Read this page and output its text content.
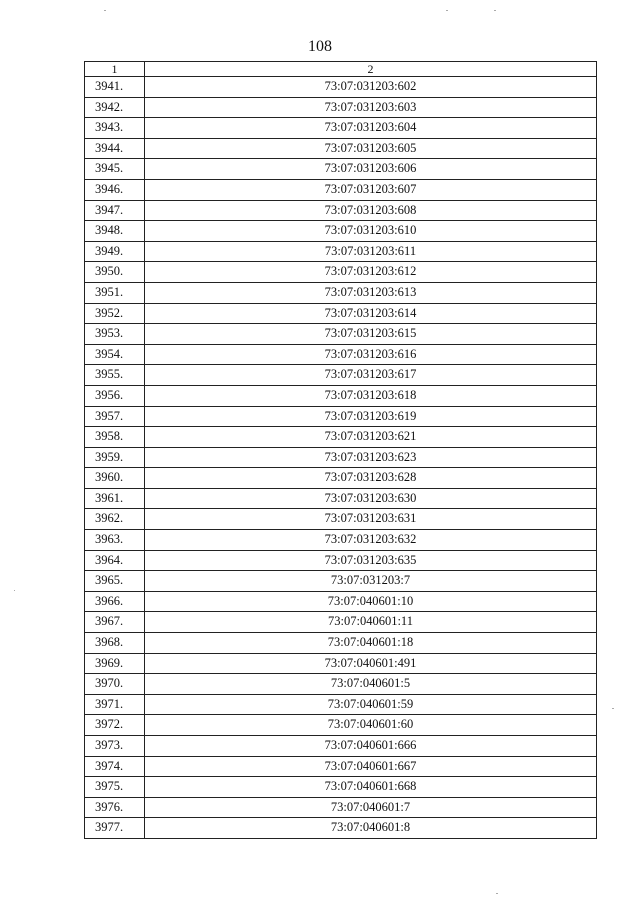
108
1	2
3941.	73:07:031203:602
3942.	73:07:031203:603
3943.	73:07:031203:604
3944.	73:07:031203:605
3945.	73:07:031203:606
3946.	73:07:031203:607
3947.	73:07:031203:608
3948.	73:07:031203:610
3949.	73:07:031203:611
3950.	73:07:031203:612
3951.	73:07:031203:613
3952.	73:07:031203:614
3953.	73:07:031203:615
3954.	73:07:031203:616
3955.	73:07:031203:617
3956.	73:07:031203:618
3957.	73:07:031203:619
3958.	73:07:031203:621
3959.	73:07:031203:623
3960.	73:07:031203:628
3961.	73:07:031203:630
3962.	73:07:031203:631
3963.	73:07:031203:632
3964.	73:07:031203:635
3965.	73:07:031203:7
3966.	73:07:040601:10
3967.	73:07:040601:11
3968.	73:07:040601:18
3969.	73:07:040601:491
3970.	73:07:040601:5
3971.	73:07:040601:59
3972.	73:07:040601:60
3973.	73:07:040601:666
3974.	73:07:040601:667
3975.	73:07:040601:668
3976.	73:07:040601:7
3977.	73:07:040601:8
